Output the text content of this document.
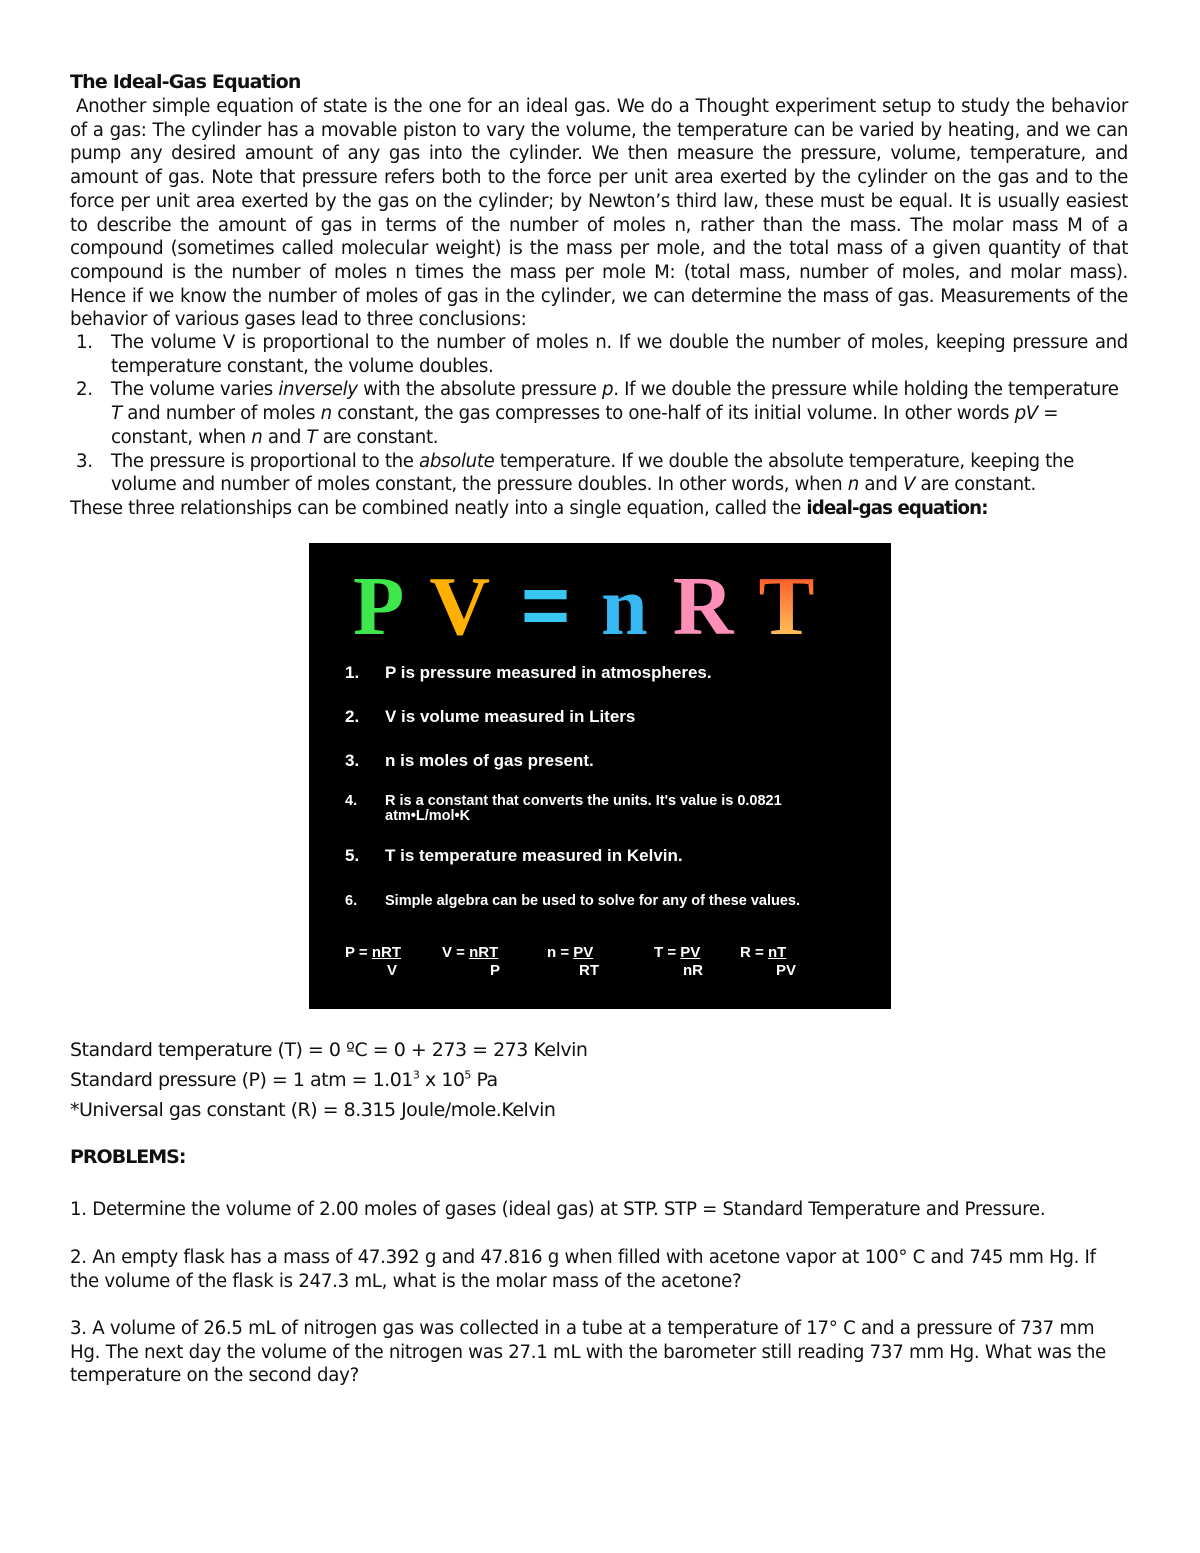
The Ideal-Gas Equation

Another simple equation of state is the one for an ideal gas. We do a Thought experiment setup to study the behavior of a gas: The cylinder has a movable piston to vary the volume, the temperature can be varied by heating, and we can pump any desired amount of any gas into the cylinder. We then measure the pressure, volume, temperature, and amount of gas. Note that pressure refers both to the force per unit area exerted by the cylinder on the gas and to the force per unit area exerted by the gas on the cylinder; by Newton’s third law, these must be equal. It is usually easiest to describe the amount of gas in terms of the number of moles n, rather than the mass. The molar mass M of a compound (sometimes called molecular weight) is the mass per mole, and the total mass of a given quantity of that compound is the number of moles n times the mass per mole M: (total mass, number of moles, and molar mass). Hence if we know the number of moles of gas in the cylinder, we can determine the mass of gas. Measurements of the behavior of various gases lead to three conclusions:

1. The volume V is proportional to the number of moles n. If we double the number of moles, keeping pressure and temperature constant, the volume doubles.
2. The volume varies inversely with the absolute pressure p. If we double the pressure while holding the temperature T and number of moles n constant, the gas compresses to one-half of its initial volume. In other words pV = constant, when n and T are constant.
3. The pressure is proportional to the absolute temperature. If we double the absolute temperature, keeping the volume and number of moles constant, the pressure doubles. In other words, when n and V are constant.

These three relationships can be combined neatly into a single equation, called the ideal-gas equation:

P V = n R T
1. P is pressure measured in atmospheres.
2. V is volume measured in Liters
3. n is moles of gas present.
4. R is a constant that converts the units. It's value is 0.0821 atm•L/mol•K
5. T is temperature measured in Kelvin.
6. Simple algebra can be used to solve for any of these values.
P = nRT
V
V = nRT
P
n = PV
RT
T = PV
nR
R = nT
PV

Standard temperature (T) = 0 ºC = 0 + 273 = 273 Kelvin

Standard pressure (P) = 1 atm = $1.01^3$ x $10^5$ Pa

*Universal gas constant (R) = 8.315 Joule/mole.Kelvin

PROBLEMS:

1. Determine the volume of 2.00 moles of gases (ideal gas) at STP. STP = Standard Temperature and Pressure.

2. An empty flask has a mass of 47.392 g and 47.816 g when filled with acetone vapor at 100° C and 745 mm Hg. If the volume of the flask is 247.3 mL, what is the molar mass of the acetone?

3. A volume of 26.5 mL of nitrogen gas was collected in a tube at a temperature of 17° C and a pressure of 737 mm Hg. The next day the volume of the nitrogen was 27.1 mL with the barometer still reading 737 mm Hg. What was the temperature on the second day?
